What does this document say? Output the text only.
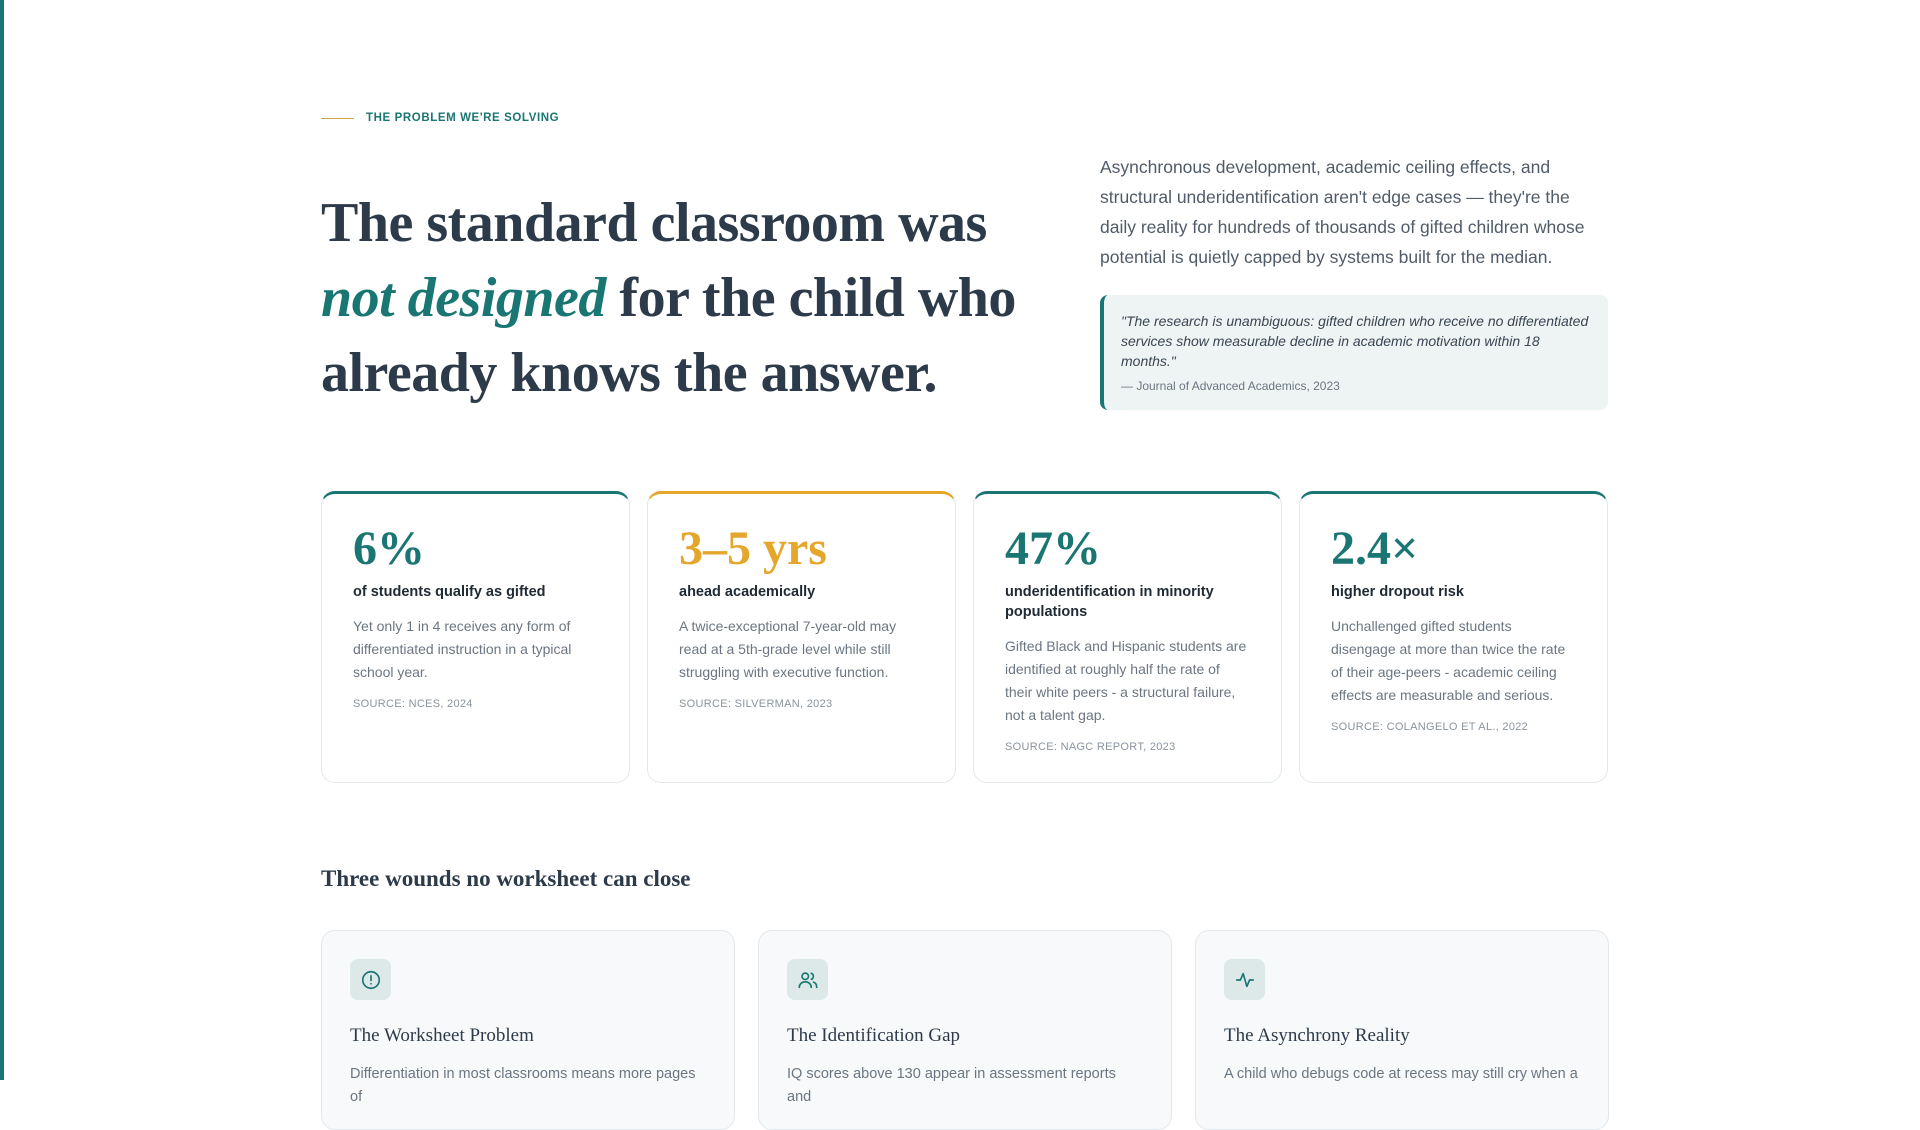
THE PROBLEM WE'RE SOLVING
The standard classroom was
not designed for the child who already knows the answer.

Asynchronous development, academic ceiling effects, and structural underidentification aren't edge cases — they're the daily reality for hundreds of thousands of gifted children whose potential is quietly capped by systems built for the median.

"The research is unambiguous: gifted children who receive no differentiated services show measurable decline in academic motivation within 18 months."

— Journal of Advanced Academics, 2023

6%
of students qualify as gifted
Yet only 1 in 4 receives any form of differentiated instruction in a typical school year.
SOURCE: NCES, 2024
3–5 yrs
ahead academically
A twice-exceptional 7-year-old may read at a 5th-grade level while still struggling with executive function.
SOURCE: SILVERMAN, 2023
47%
underidentification in minority populations
Gifted Black and Hispanic students are identified at roughly half the rate of their white peers - a structural failure, not a talent gap.
SOURCE: NAGC REPORT, 2023
2.4×
higher dropout risk
Unchallenged gifted students disengage at more than twice the rate of their age-peers - academic ceiling effects are measurable and serious.
SOURCE: COLANGELO ET AL., 2022
Three wounds no worksheet can close
The Worksheet Problem
Differentiation in most classrooms means more pages of
The Identification Gap
IQ scores above 130 appear in assessment reports and
The Asynchrony Reality
A child who debugs code at recess may still cry when a
